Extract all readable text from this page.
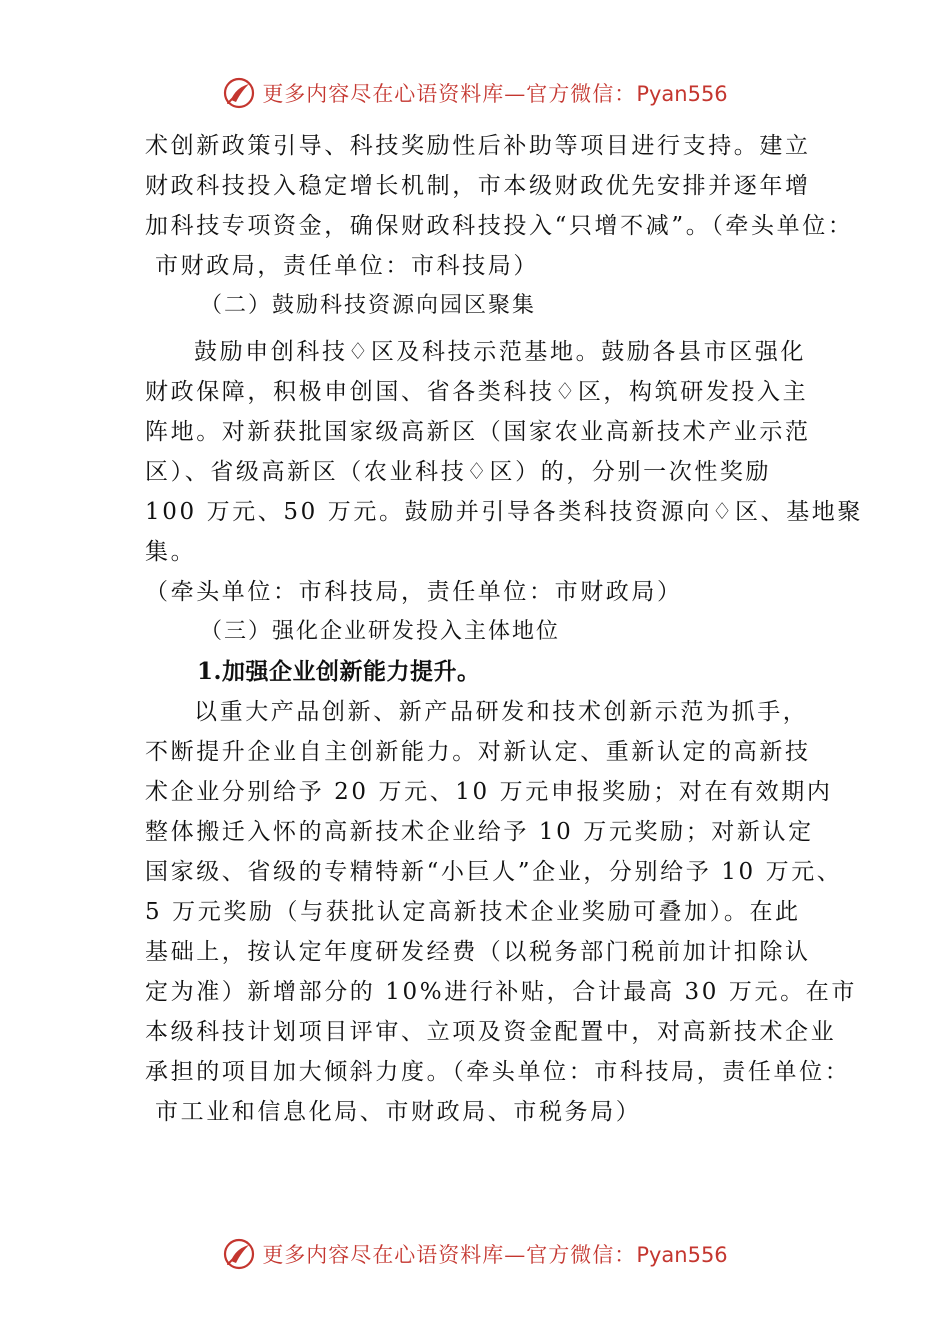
更多内容尽在心语资料库—官方微信：Pyan556
术创新政策引导、科技奖励性后补助等项目进行支持。建立
财政科技投入稳定增长机制，市本级财政优先安排并逐年增
加科技专项资金，确保财政科技投入“只增不减”。（牵头单位：
市财政局，责任单位：市科技局）
（二）鼓励科技资源向园区聚集
鼓励申创科技♢区及科技示范基地。鼓励各县市区强化
财政保障，积极申创国、省各类科技♢区，构筑研发投入主
阵地。对新获批国家级高新区（国家农业高新技术产业示范
区）、省级高新区（农业科技♢区）的，分别一次性奖励
100 万元、50 万元。鼓励并引导各类科技资源向♢区、基地聚
集。
（牵头单位：市科技局，责任单位：市财政局）
（三）强化企业研发投入主体地位
1.加强企业创新能力提升。
以重大产品创新、新产品研发和技术创新示范为抓手，
不断提升企业自主创新能力。对新认定、重新认定的高新技
术企业分别给予 20 万元、10 万元申报奖励；对在有效期内
整体搬迁入怀的高新技术企业给予 10 万元奖励；对新认定
国家级、省级的专精特新“小巨人”企业，分别给予 10 万元、
5 万元奖励（与获批认定高新技术企业奖励可叠加）。在此
基础上，按认定年度研发经费（以税务部门税前加计扣除认
定为准）新增部分的 10%进行补贴，合计最高 30 万元。在市
本级科技计划项目评审、立项及资金配置中，对高新技术企业
承担的项目加大倾斜力度。（牵头单位：市科技局，责任单位：
市工业和信息化局、市财政局、市税务局）
更多内容尽在心语资料库—官方微信：Pyan556
